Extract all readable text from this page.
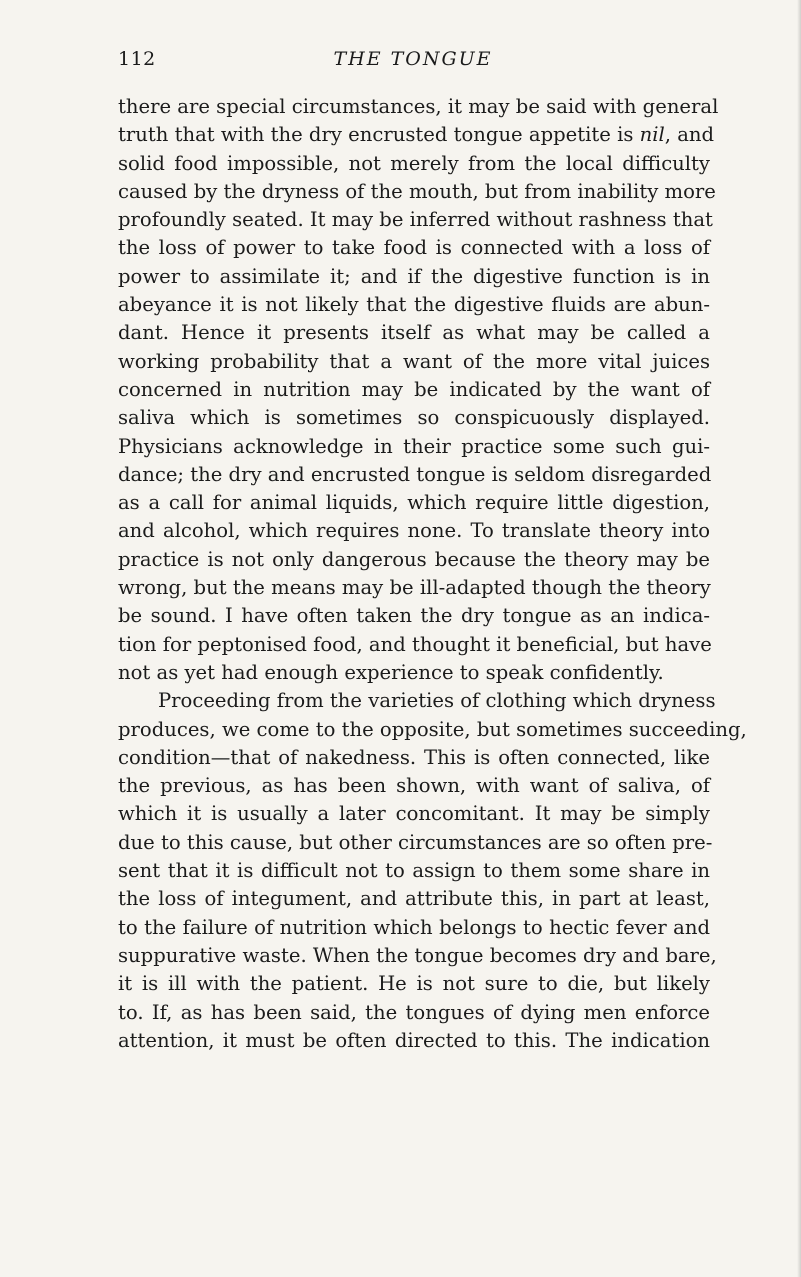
112	THE TONGUE
there are special circumstances, it may be said with general
truth that with the dry encrusted tongue appetite is nil, and
solid food impossible, not merely from the local difficulty
caused by the dryness of the mouth, but from inability more
profoundly seated. It may be inferred without rashness that
the loss of power to take food is connected with a loss of
power to assimilate it; and if the digestive function is in
abeyance it is not likely that the digestive fluids are abun-
dant. Hence it presents itself as what may be called a
working probability that a want of the more vital juices
concerned in nutrition may be indicated by the want of
saliva which is sometimes so conspicuously displayed.
Physicians acknowledge in their practice some such gui-
dance; the dry and encrusted tongue is seldom disregarded
as a call for animal liquids, which require little digestion,
and alcohol, which requires none. To translate theory into
practice is not only dangerous because the theory may be
wrong, but the means may be ill-adapted though the theory
be sound. I have often taken the dry tongue as an indica-
tion for peptonised food, and thought it beneficial, but have
not as yet had enough experience to speak confidently.
Proceeding from the varieties of clothing which dryness
produces, we come to the opposite, but sometimes succeeding,
condition—that of nakedness. This is often connected, like
the previous, as has been shown, with want of saliva, of
which it is usually a later concomitant. It may be simply
due to this cause, but other circumstances are so often pre-
sent that it is difficult not to assign to them some share in
the loss of integument, and attribute this, in part at least,
to the failure of nutrition which belongs to hectic fever and
suppurative waste. When the tongue becomes dry and bare,
it is ill with the patient. He is not sure to die, but likely
to. If, as has been said, the tongues of dying men enforce
attention, it must be often directed to this. The indication
